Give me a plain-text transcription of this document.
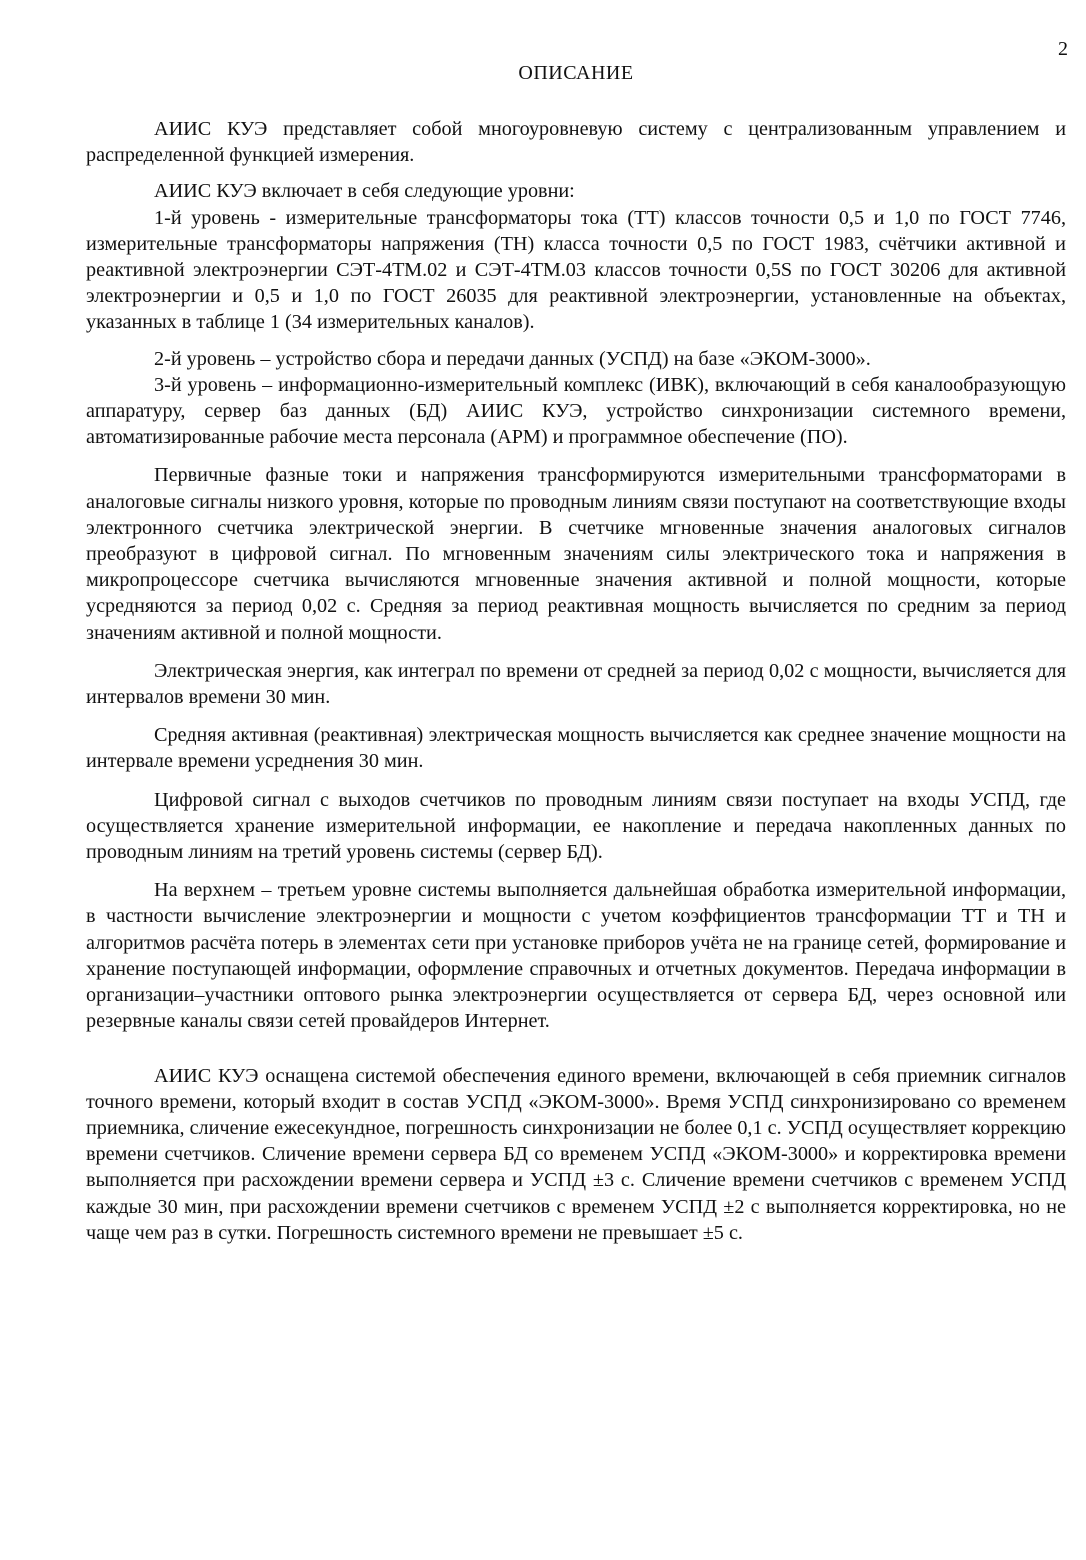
2
ОПИСАНИЕ

АИИС КУЭ представляет собой многоуровневую систему с централизованным управлением и распределенной функцией измерения.

АИИС КУЭ включает в себя следующие уровни:

1-й уровень - измерительные трансформаторы тока (ТТ) классов точности 0,5 и 1,0 по ГОСТ 7746, измерительные трансформаторы напряжения (ТН) класса точности 0,5 по ГОСТ 1983, счётчики активной и реактивной электроэнергии СЭТ-4ТМ.02 и СЭТ-4ТМ.03 классов точности 0,5S по ГОСТ 30206 для активной электроэнергии и 0,5 и 1,0 по ГОСТ 26035 для реактивной электроэнергии, установленные на объектах, указанных в таблице 1 (34 измерительных каналов).

2-й уровень – устройство сбора и передачи данных (УСПД) на базе «ЭКОМ-3000».

3-й уровень – информационно-измерительный комплекс (ИВК), включающий в себя каналообразующую аппаратуру, сервер баз данных (БД) АИИС КУЭ, устройство синхронизации системного времени, автоматизированные рабочие места персонала (АРМ) и программное обеспечение (ПО).

Первичные фазные токи и напряжения трансформируются измерительными трансформаторами в аналоговые сигналы низкого уровня, которые по проводным линиям связи поступают на соответствующие входы электронного счетчика электрической энергии. В счетчике мгновенные значения аналоговых сигналов преобразуют в цифровой сигнал. По мгновенным значениям силы электрического тока и напряжения в микропроцессоре счетчика вычисляются мгновенные значения активной и полной мощности, которые усредняются за период 0,02 с. Средняя за период реактивная мощность вычисляется по средним за период значениям активной и полной мощности.

Электрическая энергия, как интеграл по времени от средней за период 0,02 с мощности, вычисляется для интервалов времени 30 мин.

Средняя активная (реактивная) электрическая мощность вычисляется как среднее значение мощности на интервале времени усреднения 30 мин.

Цифровой сигнал с выходов счетчиков по проводным линиям связи поступает на входы УСПД, где осуществляется хранение измерительной информации, ее накопление и передача накопленных данных по проводным линиям на третий уровень системы (сервер БД).

На верхнем – третьем уровне системы выполняется дальнейшая обработка измерительной информации, в частности вычисление электроэнергии и мощности с учетом коэффициентов трансформации ТТ и ТН и алгоритмов расчёта потерь в элементах сети при установке приборов учёта не на границе сетей, формирование и хранение поступающей информации, оформление справочных и отчетных документов. Передача информации в организации–участники оптового рынка электроэнергии осуществляется от сервера БД, через основной или резервные каналы связи сетей провайдеров Интернет.

АИИС КУЭ оснащена системой обеспечения единого времени, включающей в себя приемник сигналов точного времени, который входит в состав УСПД «ЭКОМ-3000». Время УСПД синхронизировано со временем приемника, сличение ежесекундное, погрешность синхронизации не более 0,1 с. УСПД осуществляет коррекцию времени счетчиков. Сличение времени сервера БД со временем УСПД «ЭКОМ-3000» и корректировка времени выполняется при расхождении времени сервера и УСПД ±3 с. Сличение времени счетчиков с временем УСПД каждые 30 мин, при расхождении времени счетчиков с временем УСПД ±2 с выполняется корректировка, но не чаще чем раз в сутки. Погрешность системного времени не превышает ±5 с.
